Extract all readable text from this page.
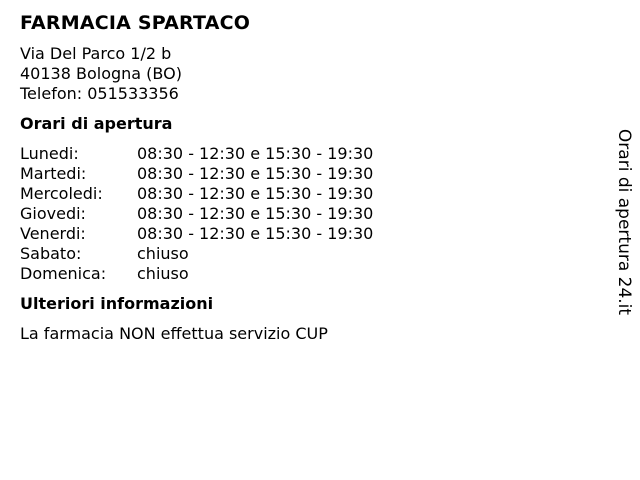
FARMACIA SPARTACO
Via Del Parco 1/2 b
40138 Bologna (BO)
Telefon: 051533356
Orari di apertura
Lunedi:	08:30 - 12:30 e 15:30 - 19:30
Martedi:	08:30 - 12:30 e 15:30 - 19:30
Mercoledi:	08:30 - 12:30 e 15:30 - 19:30
Giovedi:	08:30 - 12:30 e 15:30 - 19:30
Venerdi:	08:30 - 12:30 e 15:30 - 19:30
Sabato:	chiuso
Domenica:	chiuso
Ulteriori informazioni
La farmacia NON effettua servizio CUP
Orari di apertura 24.it
